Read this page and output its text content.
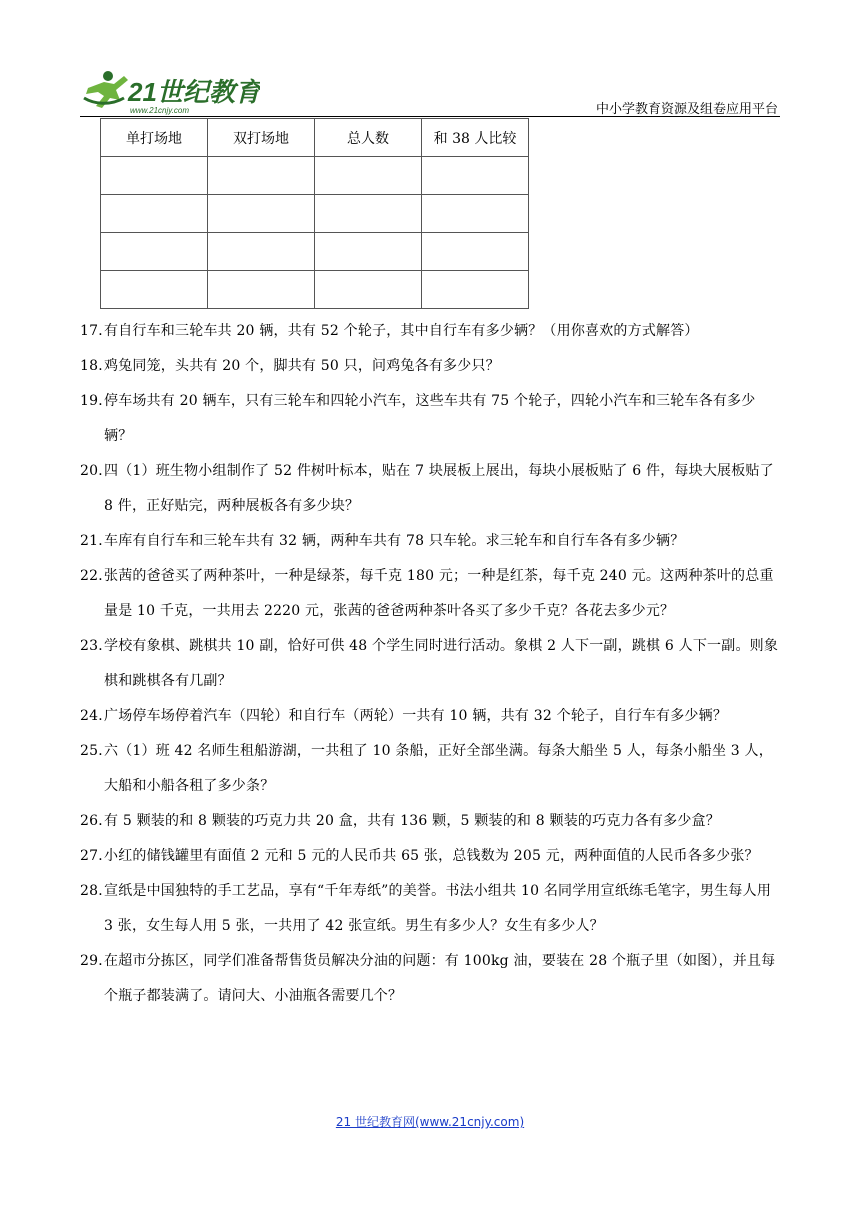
21世纪教育
www.21cnjy.com	中小学教育资源及组卷应用平台
单打场地	双打场地	总人数	和 38 人比较

17．有自行车和三轮车共 20 辆，共有 52 个轮子，其中自行车有多少辆？（用你喜欢的方式解答）
18．鸡兔同笼，头共有 20 个，脚共有 50 只，问鸡兔各有多少只？
19．停车场共有 20 辆车，只有三轮车和四轮小汽车，这些车共有 75 个轮子，四轮小汽车和三轮车各有多少辆？
20．四（1）班生物小组制作了 52 件树叶标本，贴在 7 块展板上展出，每块小展板贴了 6 件，每块大展板贴了 8 件，正好贴完，两种展板各有多少块？
21．车库有自行车和三轮车共有 32 辆，两种车共有 78 只车轮。求三轮车和自行车各有多少辆？
22．张茜的爸爸买了两种茶叶，一种是绿茶，每千克 180 元；一种是红茶，每千克 240 元。这两种茶叶的总重量是 10 千克，一共用去 2220 元，张茜的爸爸两种茶叶各买了多少千克？各花去多少元？
23．学校有象棋、跳棋共 10 副，恰好可供 48 个学生同时进行活动。象棋 2 人下一副，跳棋 6 人下一副。则象棋和跳棋各有几副？
24．广场停车场停着汽车（四轮）和自行车（两轮）一共有 10 辆，共有 32 个轮子，自行车有多少辆？
25．六（1）班 42 名师生租船游湖，一共租了 10 条船，正好全部坐满。每条大船坐 5 人，每条小船坐 3 人，大船和小船各租了多少条？
26．有 5 颗装的和 8 颗装的巧克力共 20 盒，共有 136 颗，5 颗装的和 8 颗装的巧克力各有多少盒？
27．小红的储钱罐里有面值 2 元和 5 元的人民币共 65 张，总钱数为 205 元，两种面值的人民币各多少张？
28．宣纸是中国独特的手工艺品，享有“千年寿纸”的美誉。书法小组共 10 名同学用宣纸练毛笔字，男生每人用 3 张，女生每人用 5 张，一共用了 42 张宣纸。男生有多少人？女生有多少人？
29．在超市分拣区，同学们准备帮售货员解决分油的问题：有 100kg 油，要装在 28 个瓶子里（如图），并且每个瓶子都装满了。请问大、小油瓶各需要几个？
21 世纪教育网(www.21cnjy.com)
